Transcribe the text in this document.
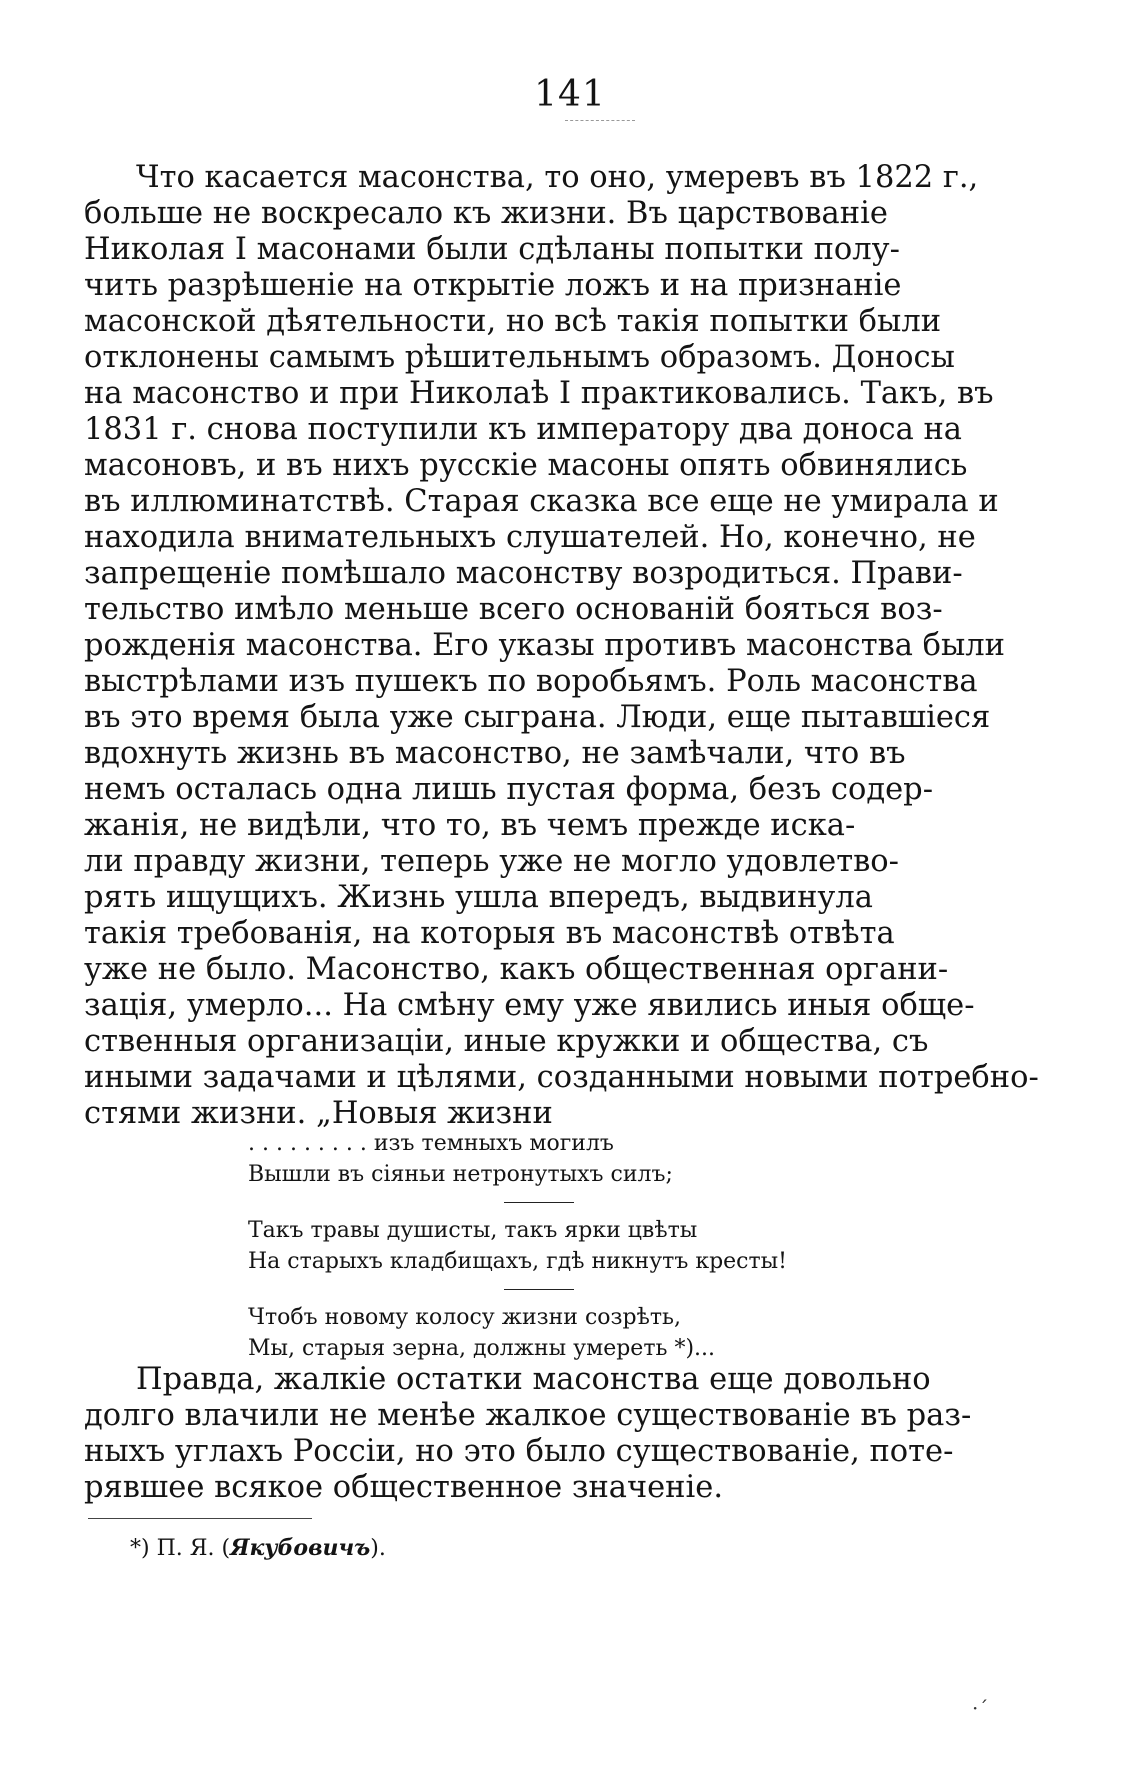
141
Что касается масонства, то оно, умеревъ въ 1822 г.,
больше не воскресало къ жизни. Въ царствованіе
Николая I масонами были сдѣланы попытки полу-
чить разрѣшеніе на открытіе ложъ и на признаніе
масонской дѣятельности, но всѣ такія попытки были
отклонены самымъ рѣшительнымъ образомъ. Доносы
на масонство и при Николаѣ I практиковались. Такъ, въ
1831 г. снова поступили къ императору два доноса на
масоновъ, и въ нихъ русскіе масоны опять обвинялись
въ иллюминатствѣ. Старая сказка все еще не умирала и
находила внимательныхъ слушателей. Но, конечно, не
запрещеніе помѣшало масонству возродиться. Прави-
тельство имѣло меньше всего основаній бояться воз-
рожденія масонства. Его указы противъ масонства были
выстрѣлами изъ пушекъ по воробьямъ. Роль масонства
въ это время была уже сыграна. Люди, еще пытавшіеся
вдохнуть жизнь въ масонство, не замѣчали, что въ
немъ осталась одна лишь пустая форма, безъ содер-
жанія, не видѣли, что то, въ чемъ прежде иска-
ли правду жизни, теперь уже не могло удовлетво-
рять ищущихъ. Жизнь ушла впередъ, выдвинула
такія требованія, на которыя въ масонствѣ отвѣта
уже не было. Масонство, какъ общественная органи-
зація, умерло... На смѣну ему уже явились иныя обще-
ственныя организаціи, иные кружки и общества, съ
иными задачами и цѣлями, созданными новыми потребно-
стями жизни. „Новыя жизни
. . . . . . . . . изъ темныхъ могилъ
Вышли въ сіяньи нетронутыхъ силъ;
Такъ травы душисты, такъ ярки цвѣты
На старыхъ кладбищахъ, гдѣ никнутъ кресты!
Чтобъ новому колосу жизни созрѣть,
Мы, старыя зерна, должны умереть *)...
Правда, жалкіе остатки масонства еще довольно
долго влачили не менѣе жалкое существованіе въ раз-
ныхъ углахъ Россіи, но это было существованіе, поте-
рявшее всякое общественное значеніе.
*) П. Я. (Якубовичъ).
·ˊ
